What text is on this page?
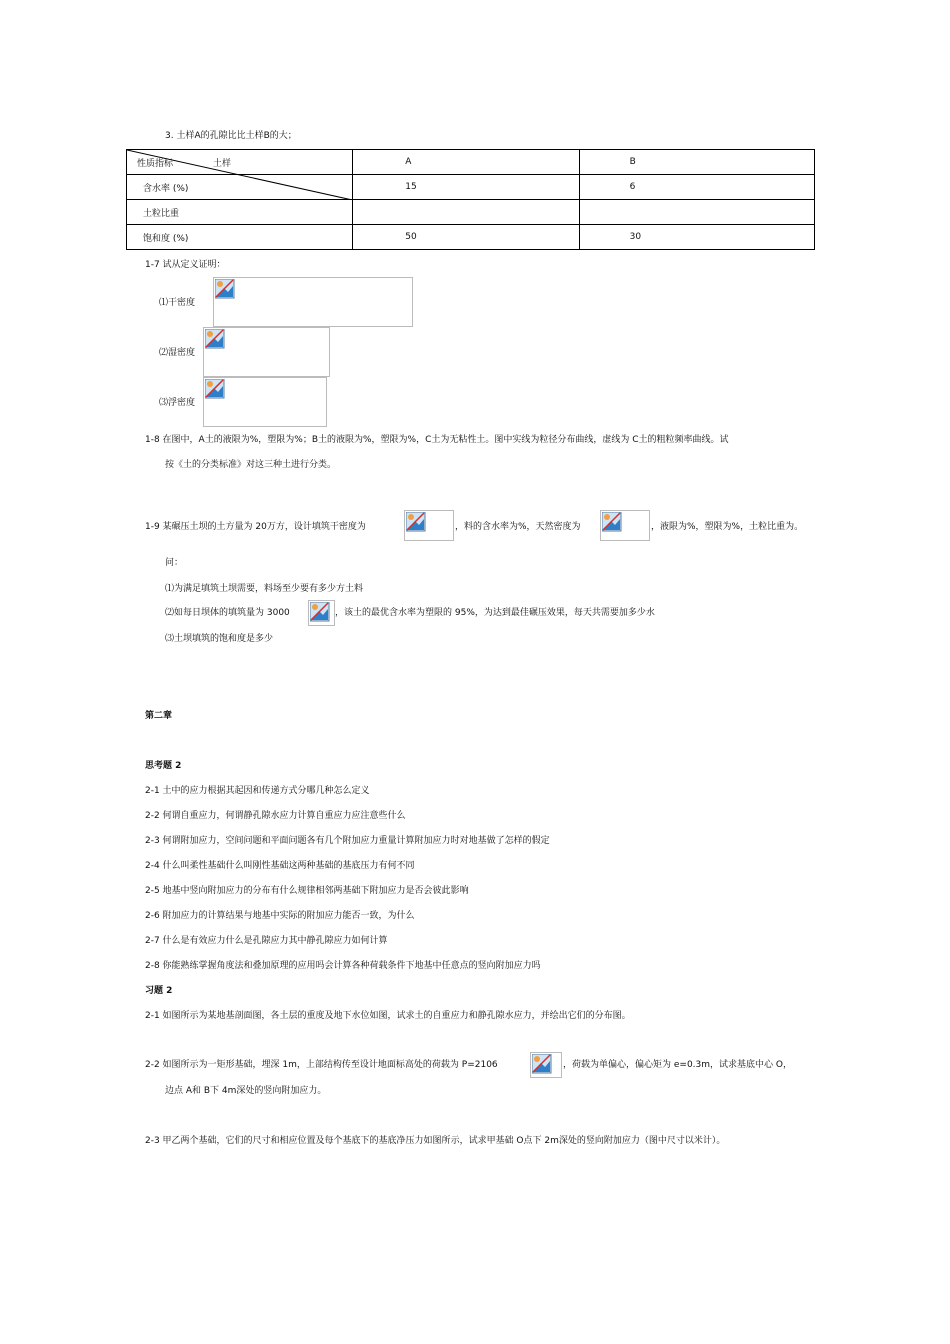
3. 土样A的孔隙比比土样B的大；
性质指标 土样	A	B
含水率 (%)	15	6
土粒比重		
饱和度 (%)	50	30
1-7 试从定义证明：
⑴干密度
⑵湿密度
⑶浮密度
1-8 在图中，A土的液限为%，塑限为%；B土的液限为%，塑限为%，C土为无粘性土。图中实线为粒径分布曲线，虚线为 C土的粗粒频率曲线。试
按《土的分类标准》对这三种土进行分类。
1-9 某碾压土坝的土方量为 20万方，设计填筑干密度为	，料的含水率为%，天然密度为	，液限为%，塑限为%，土粒比重为。
问：
⑴为满足填筑土坝需要，料场至少要有多少方土料
⑵如每日坝体的填筑量为 3000	，该土的最优含水率为塑限的 95%，为达到最佳碾压效果，每天共需要加多少水
⑶土坝填筑的饱和度是多少
第二章
思考题 2
2-1 土中的应力根据其起因和传递方式分哪几种怎么定义
2-2 何谓自重应力，何谓静孔隙水应力计算自重应力应注意些什么
2-3 何谓附加应力，空间问题和平面问题各有几个附加应力重量计算附加应力时对地基做了怎样的假定
2-4 什么叫柔性基础什么叫刚性基础这两种基础的基底压力有何不同
2-5 地基中竖向附加应力的分布有什么规律相邻两基础下附加应力是否会彼此影响
2-6 附加应力的计算结果与地基中实际的附加应力能否一致，为什么
2-7 什么是有效应力什么是孔隙应力其中静孔隙应力如何计算
2-8 你能熟练掌握角度法和叠加原理的应用吗会计算各种荷载条件下地基中任意点的竖向附加应力吗
习题 2
2-1 如图所示为某地基剖面图，各土层的重度及地下水位如图，试求土的自重应力和静孔隙水应力，并绘出它们的分布图。
2-2 如图所示为一矩形基础，埋深 1m，上部结构传至设计地面标高处的荷载为 P=2106	，荷载为单偏心，偏心矩为 e=0.3m，试求基底中心 O，
边点 A和 B下 4m深处的竖向附加应力。
2-3 甲乙两个基础，它们的尺寸和相应位置及每个基底下的基底净压力如图所示，试求甲基础 O点下 2m深处的竖向附加应力（图中尺寸以米计）。
